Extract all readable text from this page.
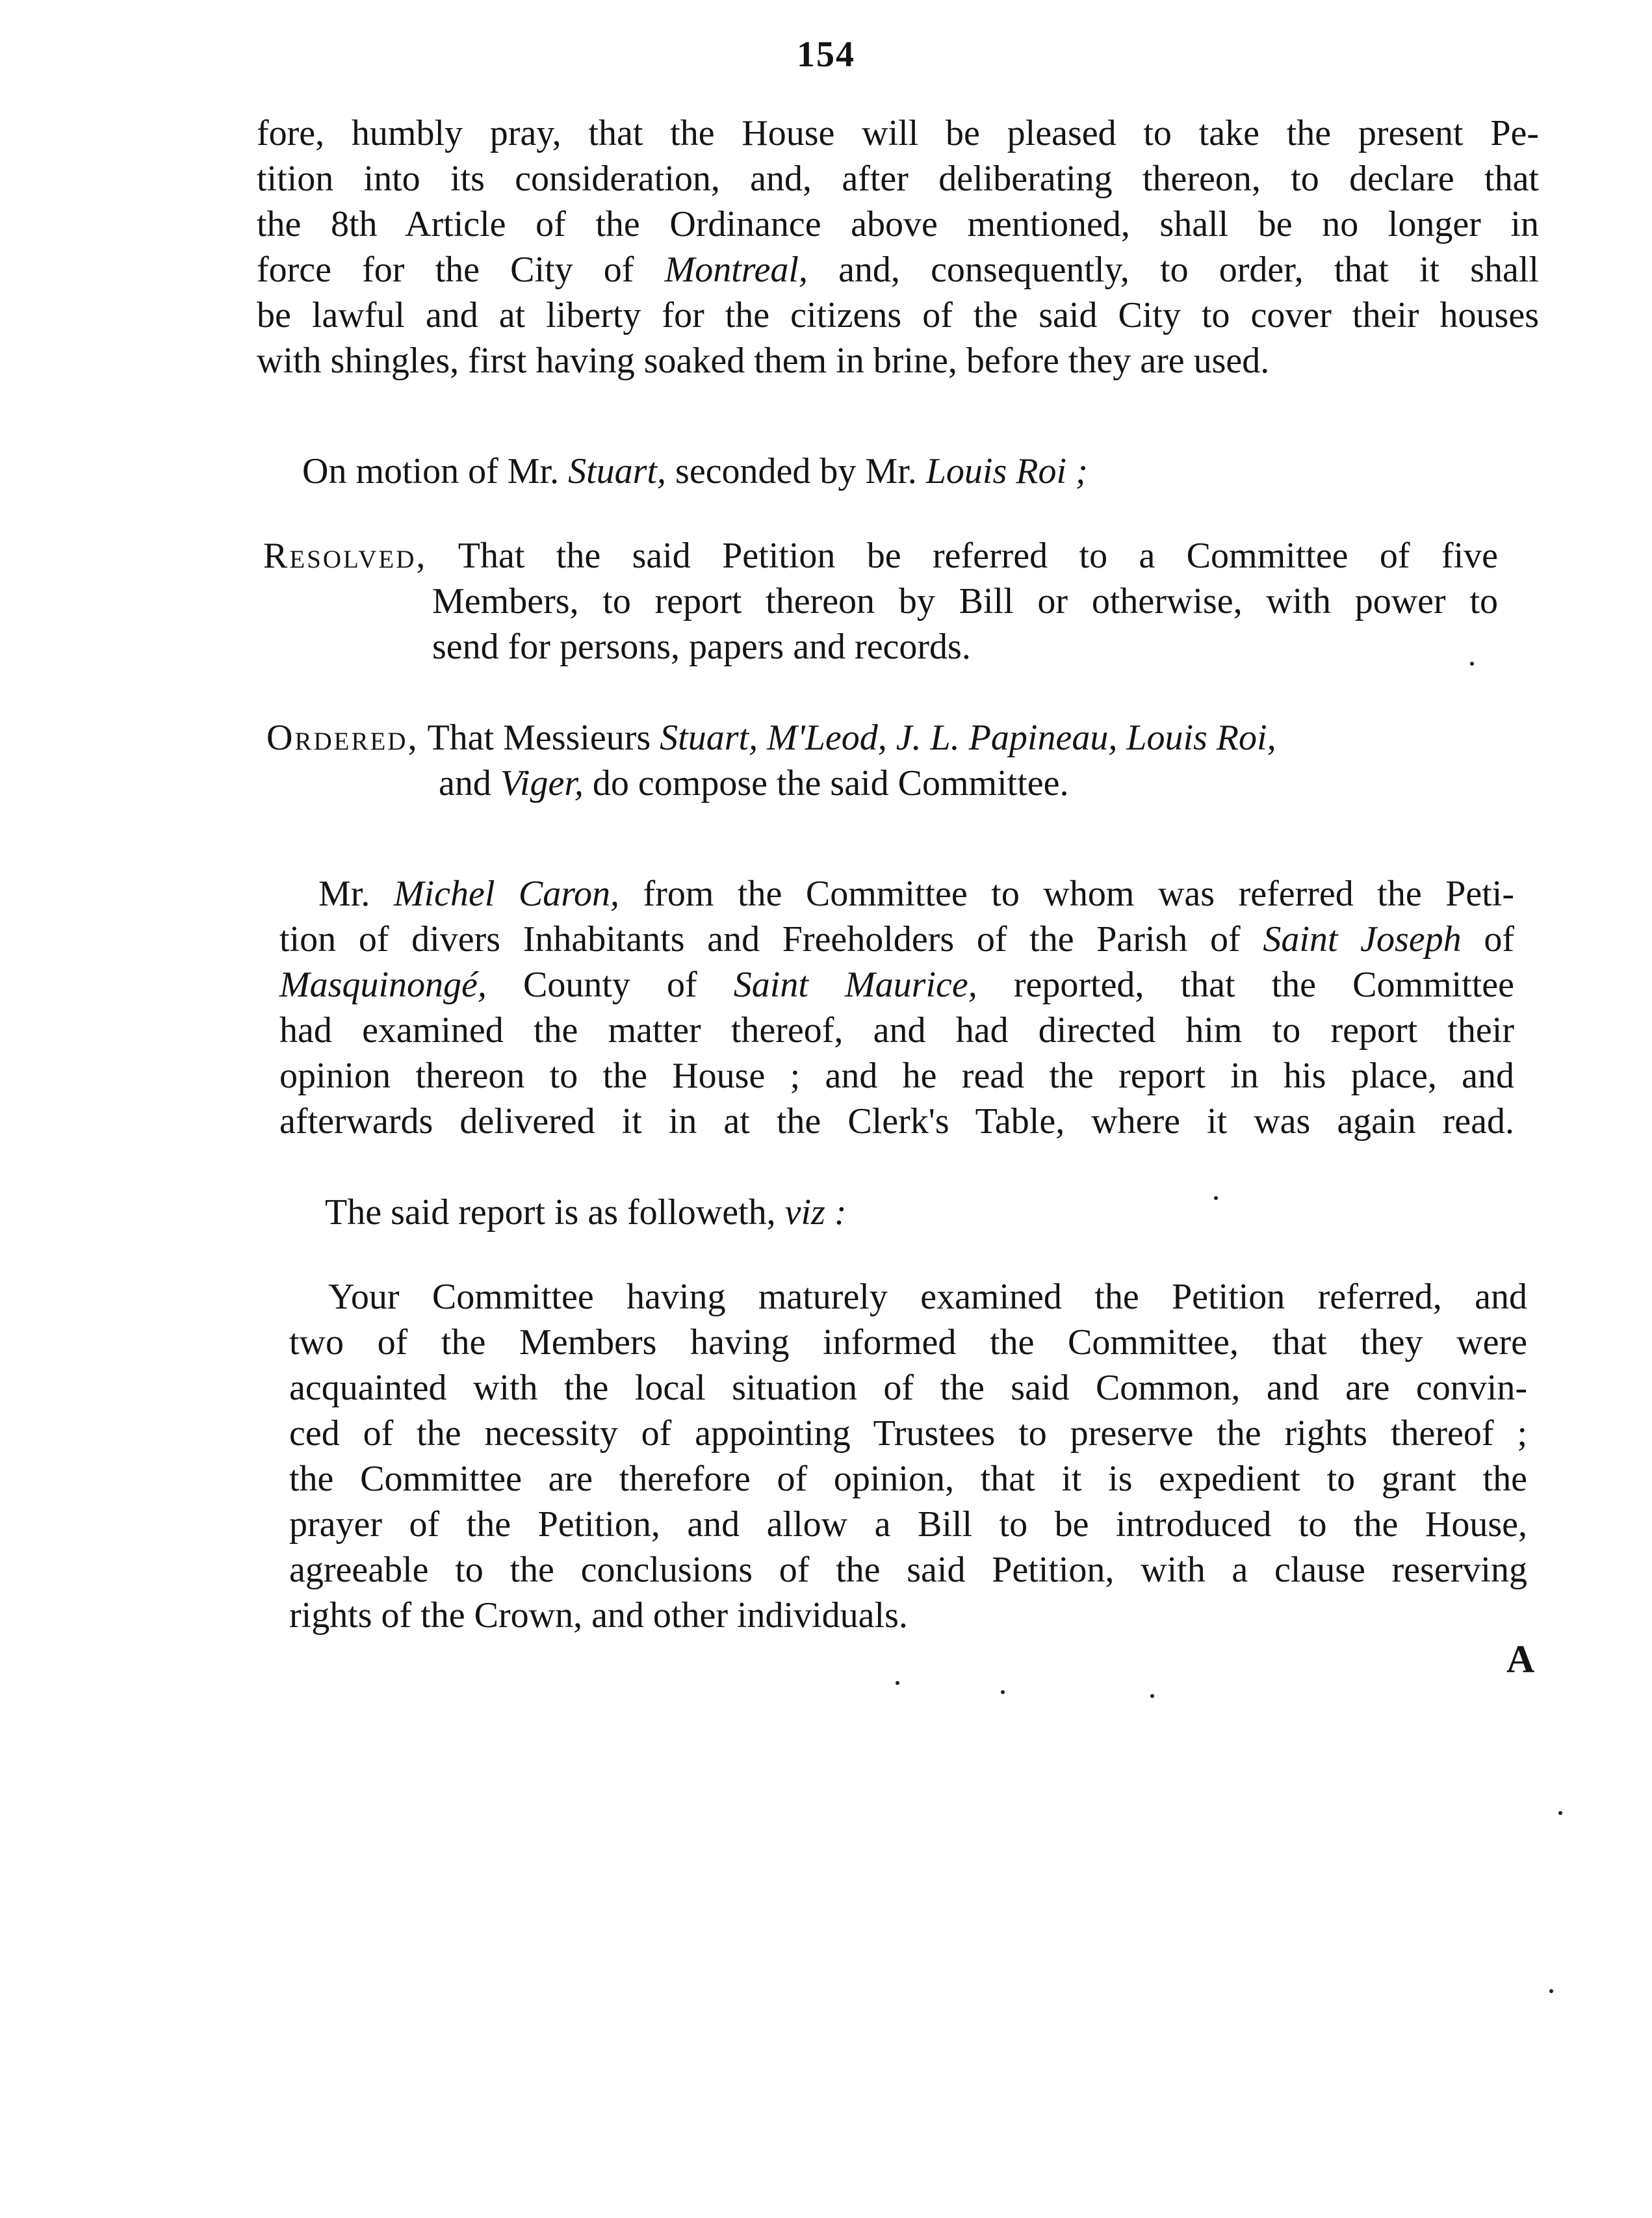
154
fore, humbly pray, that the House will be pleased to take the present Pe-
tition into its consideration, and, after deliberating thereon, to declare that
the 8th Article of the Ordinance above mentioned, shall be no longer in
force for the City of Montreal, and, consequently, to order, that it shall
be lawful and at liberty for the citizens of the said City to cover their houses
with shingles, first having soaked them in brine, before they are used.
On motion of Mr. Stuart, seconded by Mr. Louis Roi ;
Resolved, That the said Petition be referred to a Committee of five
Members, to report thereon by Bill or otherwise, with power to
send for persons, papers and records.
Ordered, That Messieurs Stuart, M'Leod, J. L. Papineau, Louis Roi,
and Viger, do compose the said Committee.
Mr. Michel Caron, from the Committee to whom was referred the Peti-
tion of divers Inhabitants and Freeholders of the Parish of Saint Joseph of
Masquinongé, County of Saint Maurice, reported, that the Committee
had examined the matter thereof, and had directed him to report their
opinion thereon to the House ; and he read the report in his place, and
afterwards delivered it in at the Clerk's Table, where it was again read.
The said report is as followeth, viz :
Your Committee having maturely examined the Petition referred, and
two of the Members having informed the Committee, that they were
acquainted with the local situation of the said Common, and are convin-
ced of the necessity of appointing Trustees to preserve the rights thereof ;
the Committee are therefore of opinion, that it is expedient to grant the
prayer of the Petition, and allow a Bill to be introduced to the House,
agreeable to the conclusions of the said Petition, with a clause reserving
rights of the Crown, and other individuals.
A
